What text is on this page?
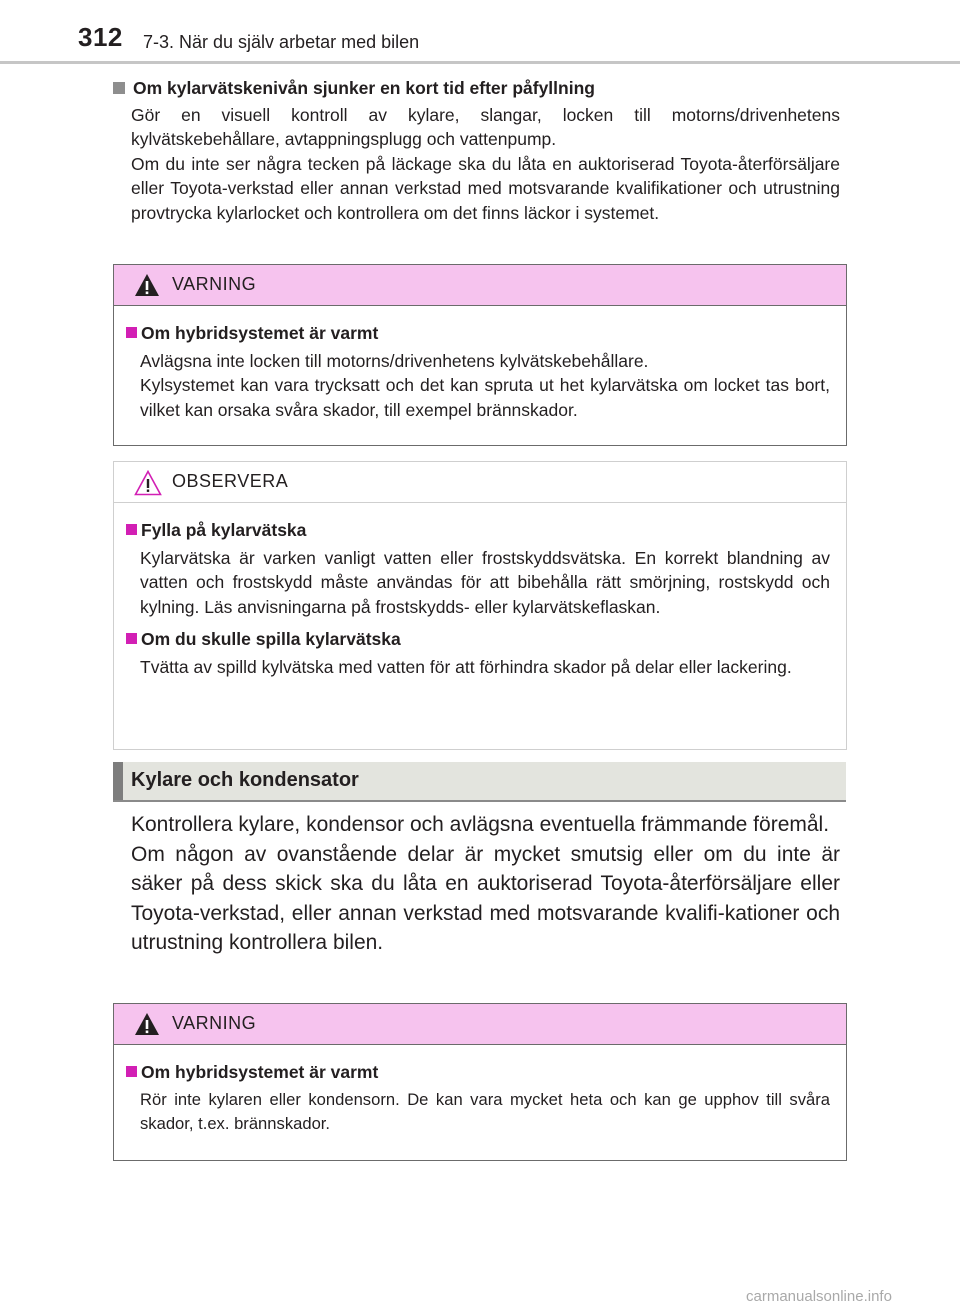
312 7-3. När du själv arbetar med bilen
Om kylarvätskenivån sjunker en kort tid efter påfyllning

Gör en visuell kontroll av kylare, slangar, locken till motorns/drivenhetens kylvätskebehållare, avtappningsplugg och vattenpump.

Om du inte ser några tecken på läckage ska du låta en auktoriserad Toyota-återförsäljare eller Toyota-verkstad eller annan verkstad med motsvarande kvalifikationer och utrustning provtrycka kylarlocket och kontrollera om det finns läckor i systemet.

VARNING
Om hybridsystemet är varmt

Avlägsna inte locken till motorns/drivenhetens kylvätskebehållare.

Kylsystemet kan vara trycksatt och det kan spruta ut het kylarvätska om locket tas bort, vilket kan orsaka svåra skador, till exempel brännskador.

OBSERVERA
Fylla på kylarvätska

Kylarvätska är varken vanligt vatten eller frostskyddsvätska. En korrekt blandning av vatten och frostskydd måste användas för att bibehålla rätt smörjning, rostskydd och kylning. Läs anvisningarna på frostskydds- eller kylarvätskeflaskan.

Om du skulle spilla kylarvätska

Tvätta av spilld kylvätska med vatten för att förhindra skador på delar eller lackering.

Kylare och kondensator

Kontrollera kylare, kondensor och avlägsna eventuella främmande föremål.

Om någon av ovanstående delar är mycket smutsig eller om du inte är säker på dess skick ska du låta en auktoriserad Toyota-återförsäljare eller Toyota-verkstad, eller annan verkstad med motsvarande kvalifi-kationer och utrustning kontrollera bilen.

VARNING
Om hybridsystemet är varmt

Rör inte kylaren eller kondensorn. De kan vara mycket heta och kan ge upphov till svåra skador, t.ex. brännskador.

carmanualsonline.info
